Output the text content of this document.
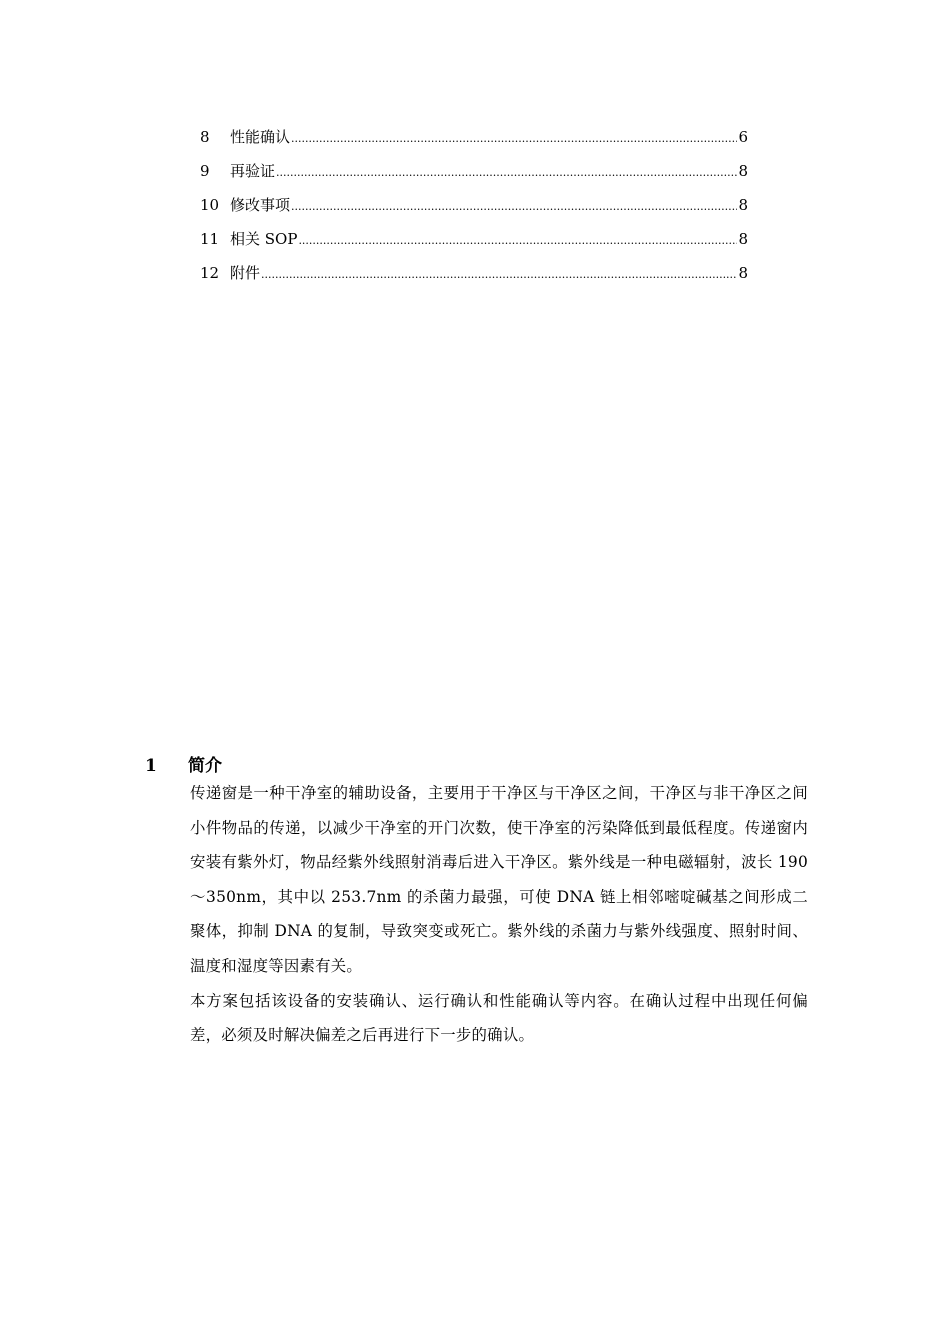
8	性能确认 .....	6
9	再验证 .....	8
10 修改事项 .....	8
11 相关 SOP .....	8
12 附件 .....	8
1	简介

传递窗是一种干净室的辅助设备，主要用于干净区与干净区之间，干净区与非干净区之间小件物品的传递，以减少干净室的开门次数，使干净室的污染降低到最低程度。传递窗内安装有紫外灯，物品经紫外线照射消毒后进入干净区。紫外线是一种电磁辐射，波长 190～350nm，其中以 253.7nm 的杀菌力最强，可使 DNA 链上相邻嘧啶碱基之间形成二聚体，抑制 DNA 的复制，导致突变或死亡。紫外线的杀菌力与紫外线强度、照射时间、温度和湿度等因素有关。

本方案包括该设备的安装确认、运行确认和性能确认等内容。在确认过程中出现任何偏差，必须及时解决偏差之后再进行下一步的确认。
